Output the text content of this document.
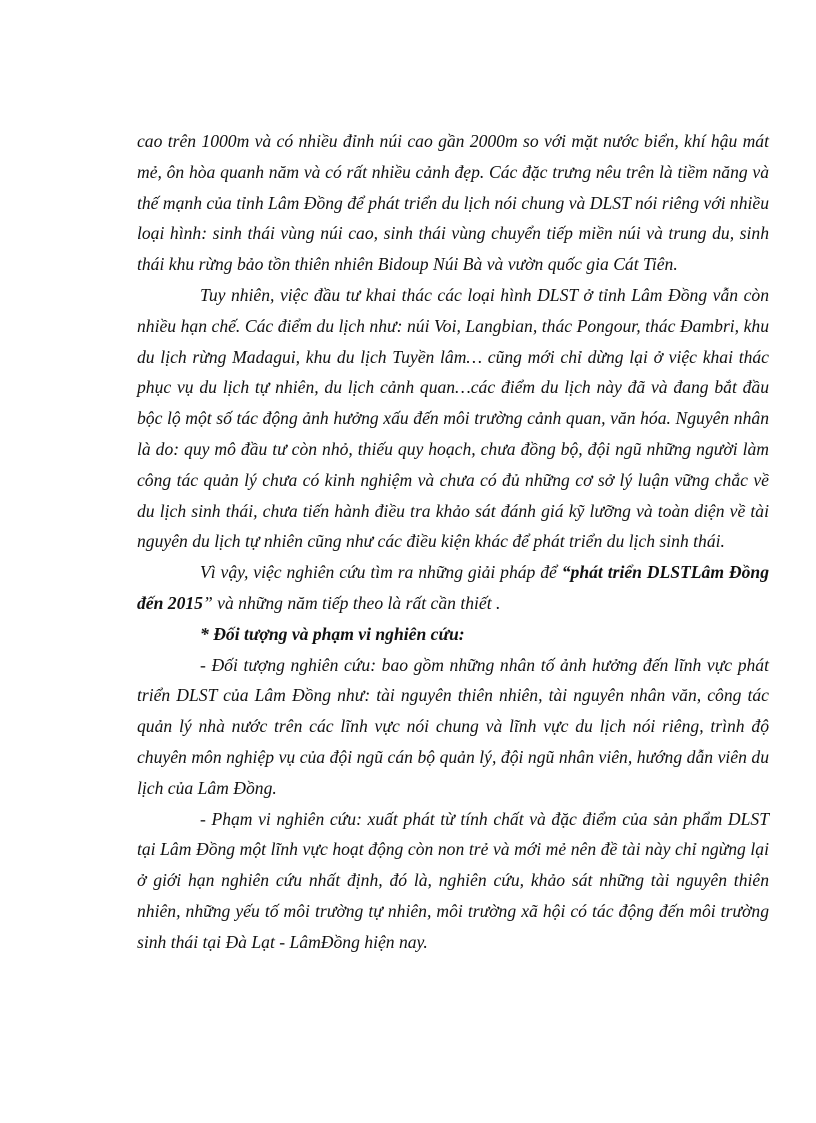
cao trên 1000m và có nhiều đỉnh núi cao gần 2000m so với mặt nước biển, khí hậu mát mẻ, ôn hòa quanh năm và có rất nhiều cảnh đẹp. Các đặc trưng nêu trên là tiềm năng và thế mạnh của tỉnh Lâm Đồng để phát triển du lịch nói chung và DLST nói riêng với nhiều loại hình: sinh thái vùng núi cao, sinh thái vùng chuyển tiếp miền núi và trung du, sinh thái khu rừng bảo tồn thiên nhiên Bidoup Núi Bà và vườn quốc gia Cát Tiên.

Tuy nhiên, việc đầu tư khai thác các loại hình DLST ở tỉnh Lâm Đồng vẫn còn nhiều hạn chế. Các điểm du lịch như: núi Voi, Langbian, thác Pongour, thác Đambri, khu du lịch rừng Madagui, khu du lịch Tuyền lâm… cũng mới chỉ dừng lại ở việc khai thác phục vụ du lịch tự nhiên, du lịch cảnh quan…các điểm du lịch này đã và đang bắt đầu bộc lộ một số tác động ảnh hưởng xấu đến môi trường cảnh quan, văn hóa. Nguyên nhân là do: quy mô đầu tư còn nhỏ, thiếu quy hoạch, chưa đồng bộ, đội ngũ những người làm công tác quản lý chưa có kinh nghiệm và chưa có đủ những cơ sở lý luận vững chắc về du lịch sinh thái, chưa tiến hành điều tra khảo sát đánh giá kỹ lưỡng và toàn diện về tài nguyên du lịch tự nhiên cũng như các điều kiện khác để phát triển du lịch sinh thái.

Vì vậy, việc nghiên cứu tìm ra những giải pháp để “phát triển DLSTLâm Đồng đến 2015” và những năm tiếp theo là rất cần thiết .

* Đối tượng và phạm vi nghiên cứu:

- Đối tượng nghiên cứu: bao gồm những nhân tố ảnh hưởng đến lĩnh vực phát triển DLST của Lâm Đồng như: tài nguyên thiên nhiên, tài nguyên nhân văn, công tác quản lý nhà nước trên các lĩnh vực nói chung và lĩnh vực du lịch nói riêng, trình độ chuyên môn nghiệp vụ của đội ngũ cán bộ quản lý, đội ngũ nhân viên, hướng dẫn viên du lịch của Lâm Đồng.

- Phạm vi nghiên cứu: xuất phát từ tính chất và đặc điểm của sản phẩm DLST tại Lâm Đồng một lĩnh vực hoạt động còn non trẻ và mới mẻ nên đề tài này chỉ ngừng lại ở giới hạn nghiên cứu nhất định, đó là, nghiên cứu, khảo sát những tài nguyên thiên nhiên, những yếu tố môi trường tự nhiên, môi trường xã hội có tác động đến môi trường sinh thái tại Đà Lạt - LâmĐồng hiện nay.
